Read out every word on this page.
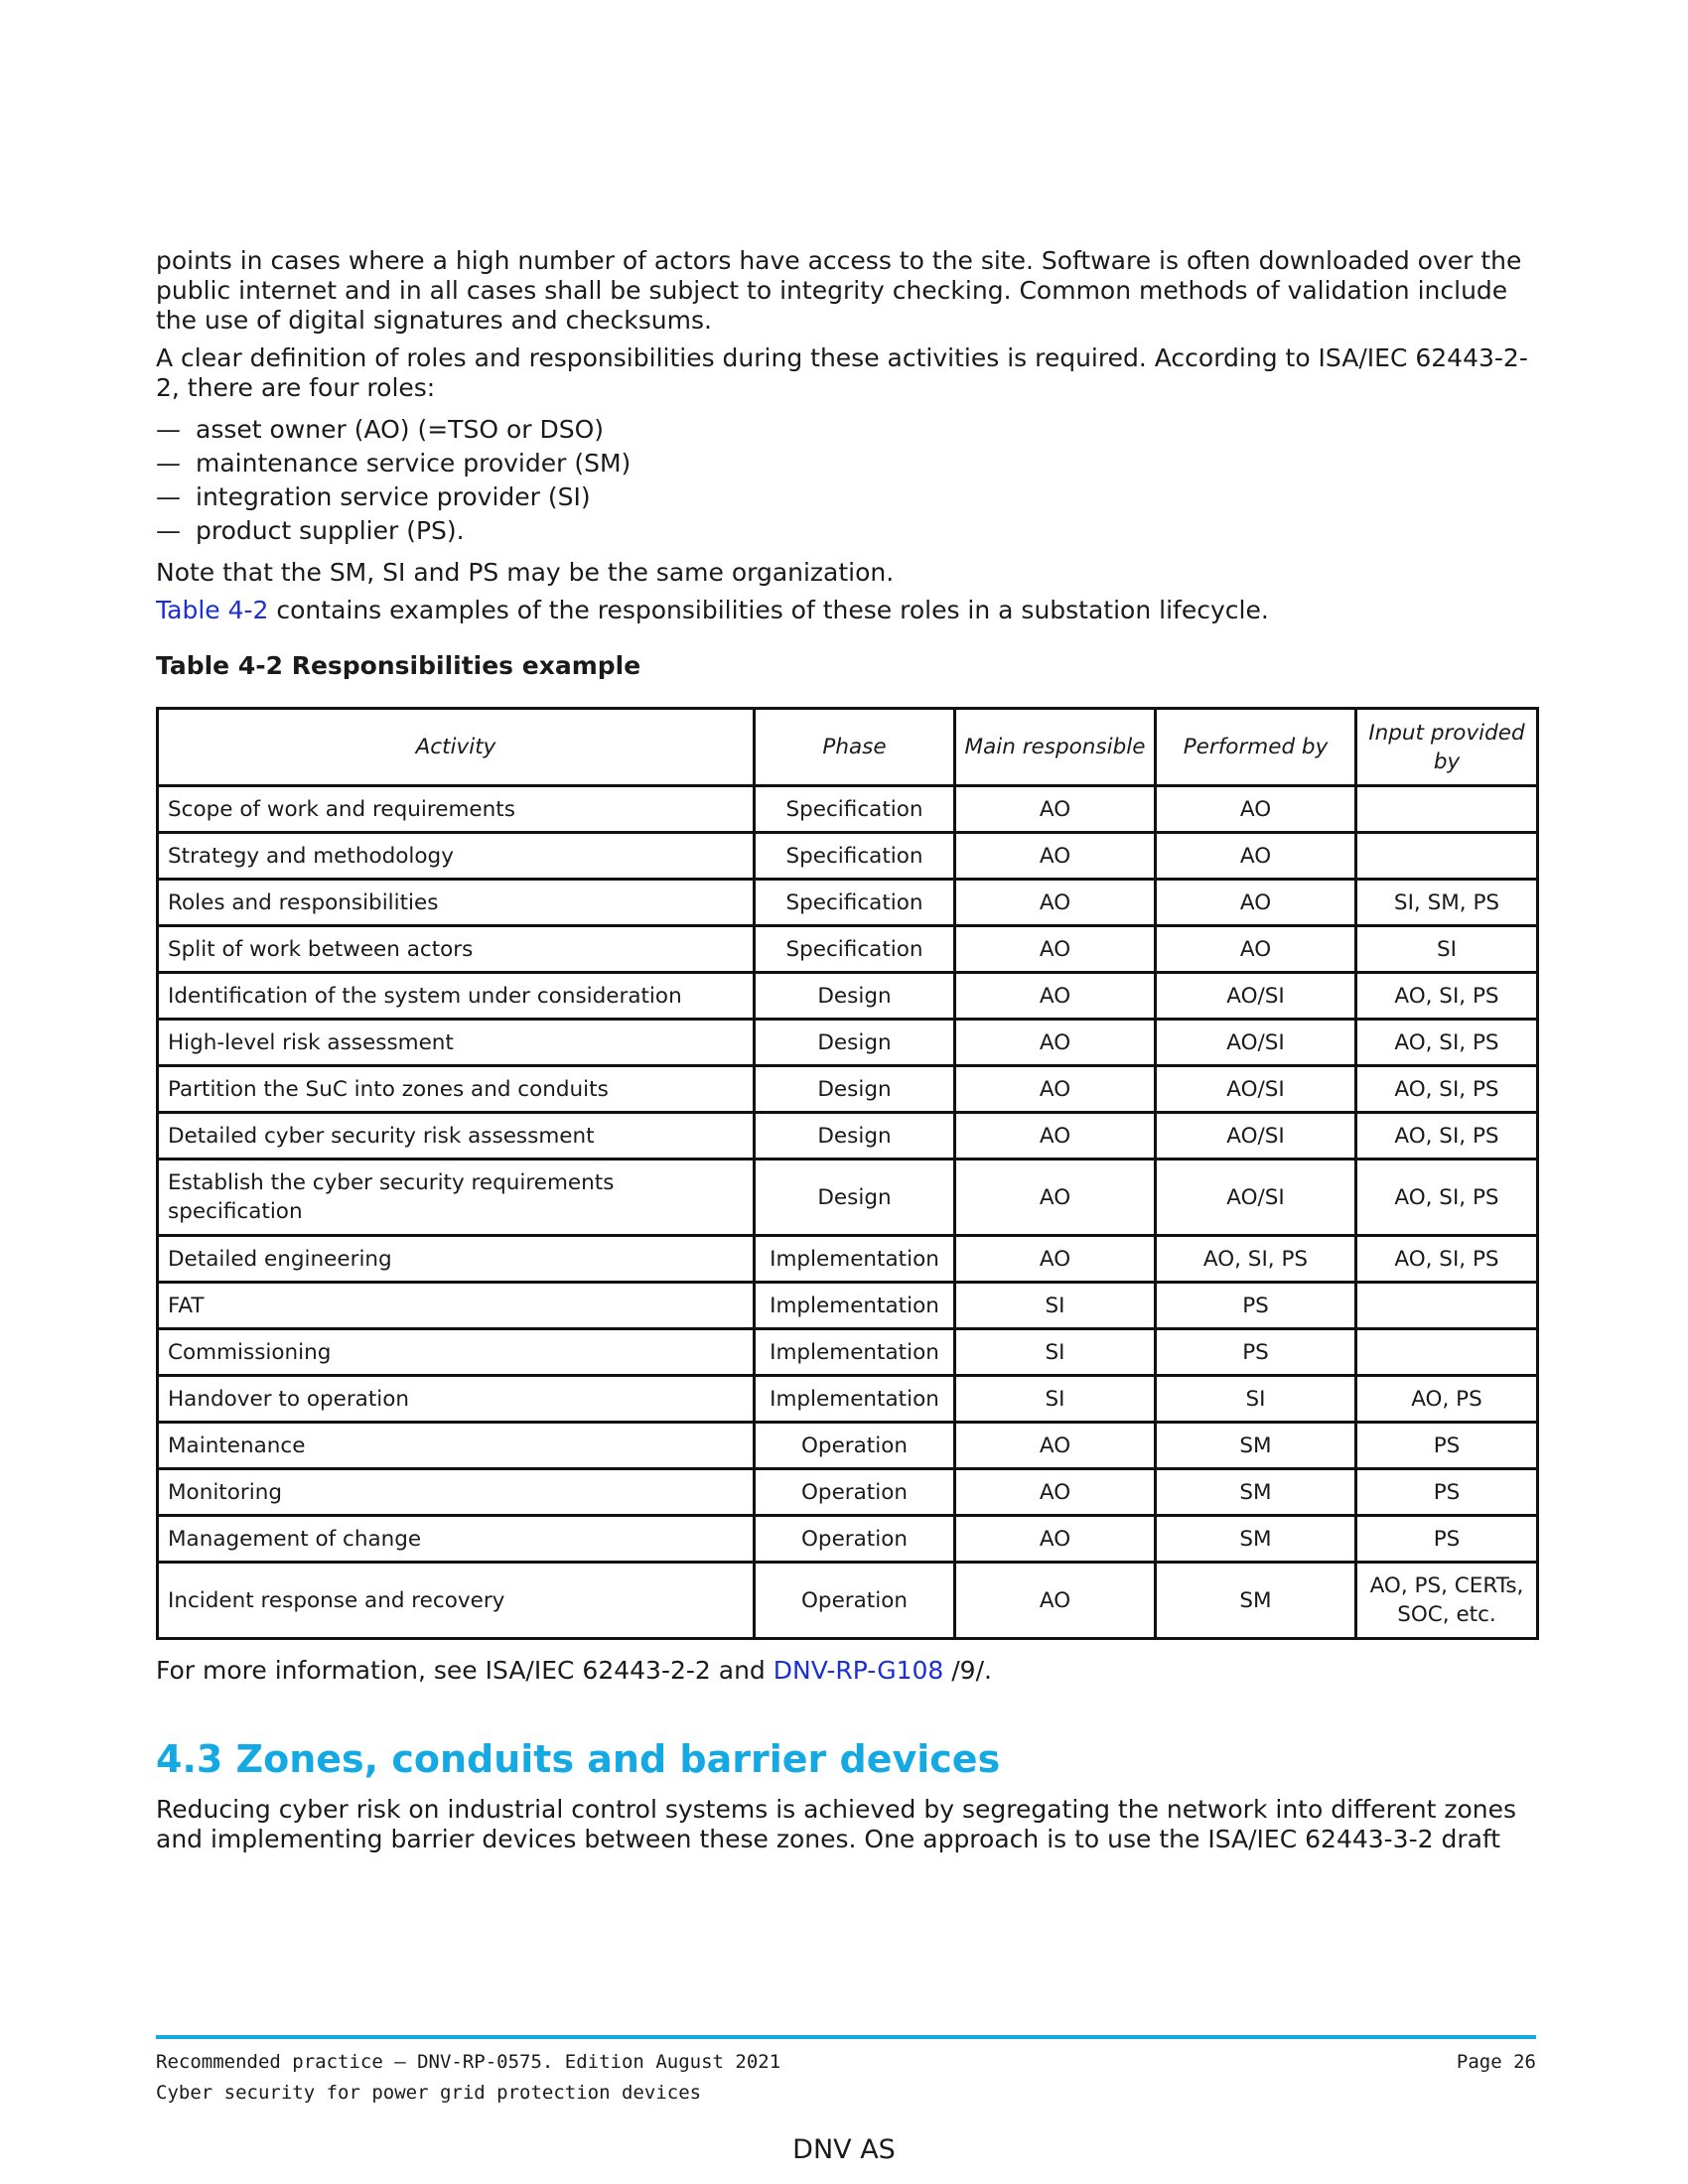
points in cases where a high number of actors have access to the site. Software is often downloaded over the public internet and in all cases shall be subject to integrity checking. Common methods of validation include the use of digital signatures and checksums.

A clear definition of roles and responsibilities during these activities is required. According to ISA/IEC 62443-2-2, there are four roles:

— asset owner (AO) (=TSO or DSO)
— maintenance service provider (SM)
— integration service provider (SI)
— product supplier (PS).

Note that the SM, SI and PS may be the same organization.

Table 4-2 contains examples of the responsibilities of these roles in a substation lifecycle.

Table 4-2 Responsibilities example
Activity	Phase	Main responsible	Performed by	Input provided by
Scope of work and requirements	Specification	AO	AO	
Strategy and methodology	Specification	AO	AO	
Roles and responsibilities	Specification	AO	AO	SI, SM, PS
Split of work between actors	Specification	AO	AO	SI
Identification of the system under consideration	Design	AO	AO/SI	AO, SI, PS
High-level risk assessment	Design	AO	AO/SI	AO, SI, PS
Partition the SuC into zones and conduits	Design	AO	AO/SI	AO, SI, PS
Detailed cyber security risk assessment	Design	AO	AO/SI	AO, SI, PS
Establish the cyber security requirements specification	Design	AO	AO/SI	AO, SI, PS
Detailed engineering	Implementation	AO	AO, SI, PS	AO, SI, PS
FAT	Implementation	SI	PS	
Commissioning	Implementation	SI	PS	
Handover to operation	Implementation	SI	SI	AO, PS
Maintenance	Operation	AO	SM	PS
Monitoring	Operation	AO	SM	PS
Management of change	Operation	AO	SM	PS
Incident response and recovery	Operation	AO	SM	AO, PS, CERTs, SOC, etc.

For more information, see ISA/IEC 62443-2-2 and DNV-RP-G108 /9/.

4.3 Zones, conduits and barrier devices

Reducing cyber risk on industrial control systems is achieved by segregating the network into different zones and implementing barrier devices between these zones. One approach is to use the ISA/IEC 62443-3-2 draft

Recommended practice — DNV-RP-0575. Edition August 2021	Page 26
Cyber security for power grid protection devices
DNV AS
